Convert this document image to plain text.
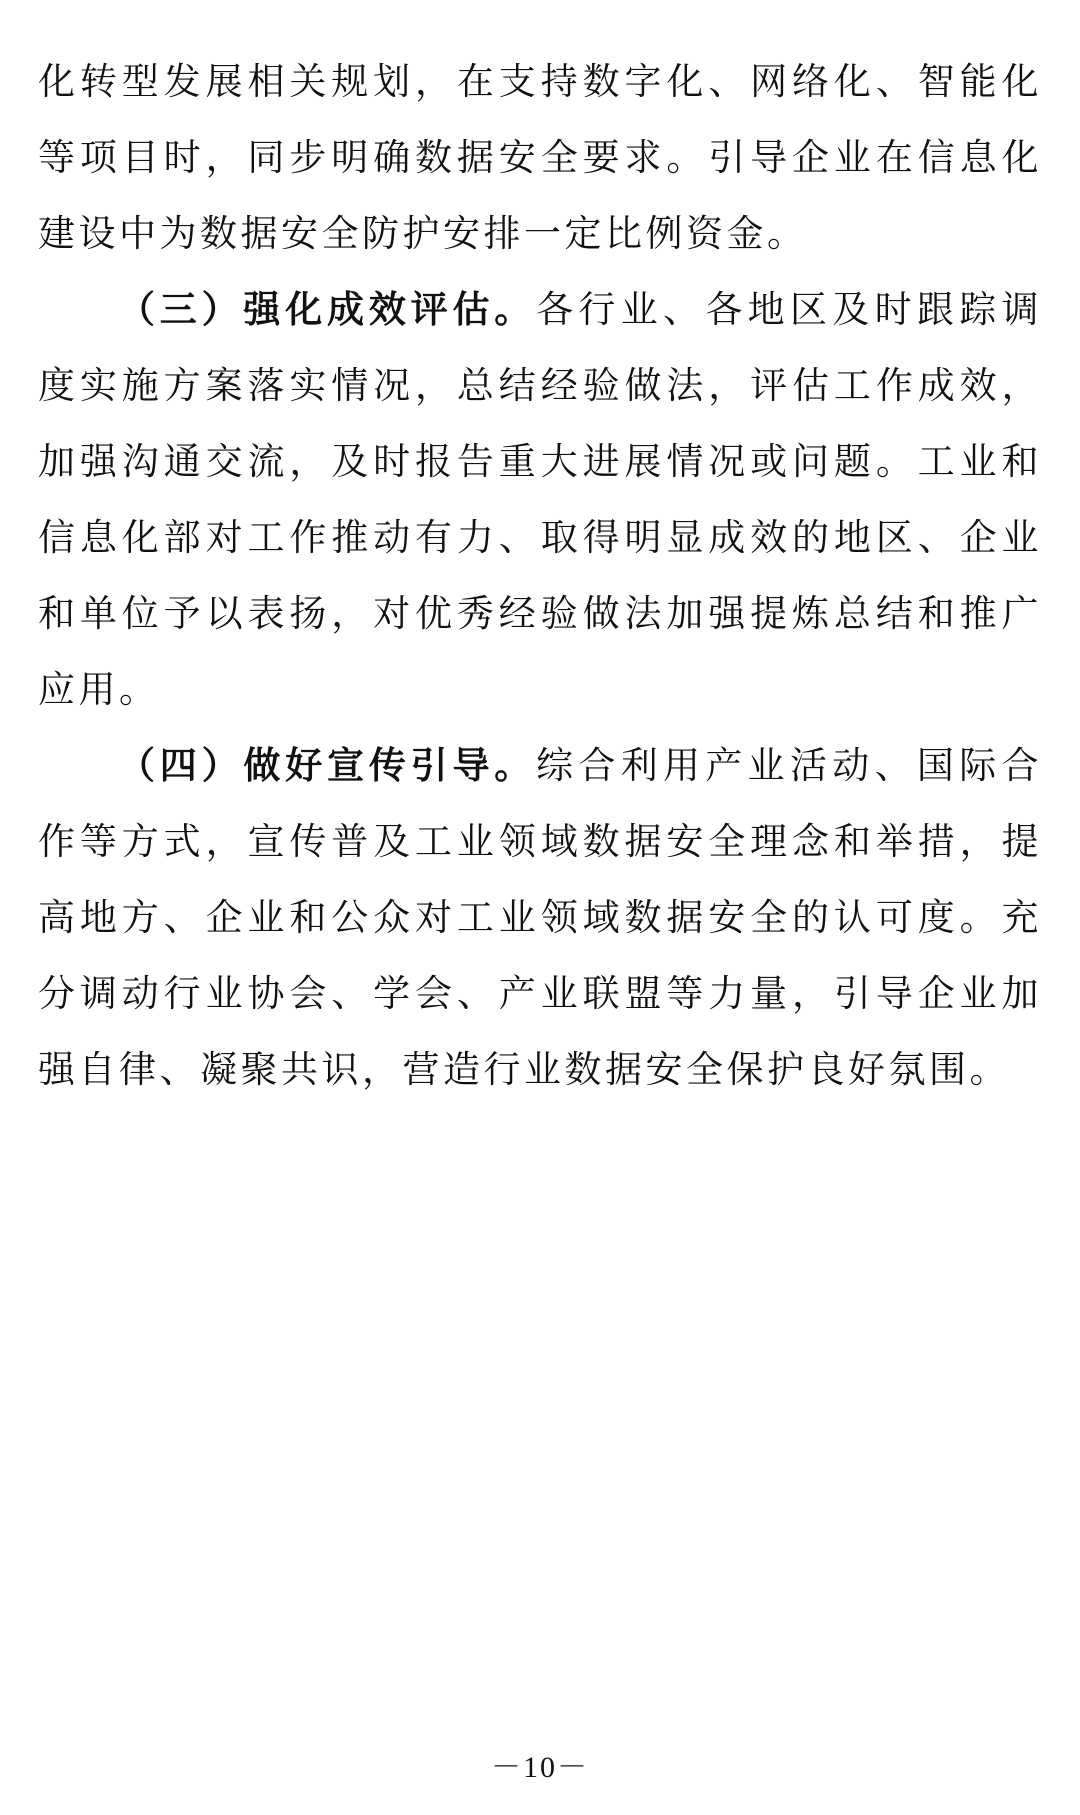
化转型发展相关规划，在支持数字化、网络化、智能化等项目时，同步明确数据安全要求。引导企业在信息化建设中为数据安全防护安排一定比例资金。

（三）强化成效评估。各行业、各地区及时跟踪调度实施方案落实情况，总结经验做法，评估工作成效，加强沟通交流，及时报告重大进展情况或问题。工业和信息化部对工作推动有力、取得明显成效的地区、企业和单位予以表扬，对优秀经验做法加强提炼总结和推广应用。

（四）做好宣传引导。综合利用产业活动、国际合作等方式，宣传普及工业领域数据安全理念和举措，提高地方、企业和公众对工业领域数据安全的认可度。充分调动行业协会、学会、产业联盟等力量，引导企业加强自律、凝聚共识，营造行业数据安全保护良好氛围。

－10－
